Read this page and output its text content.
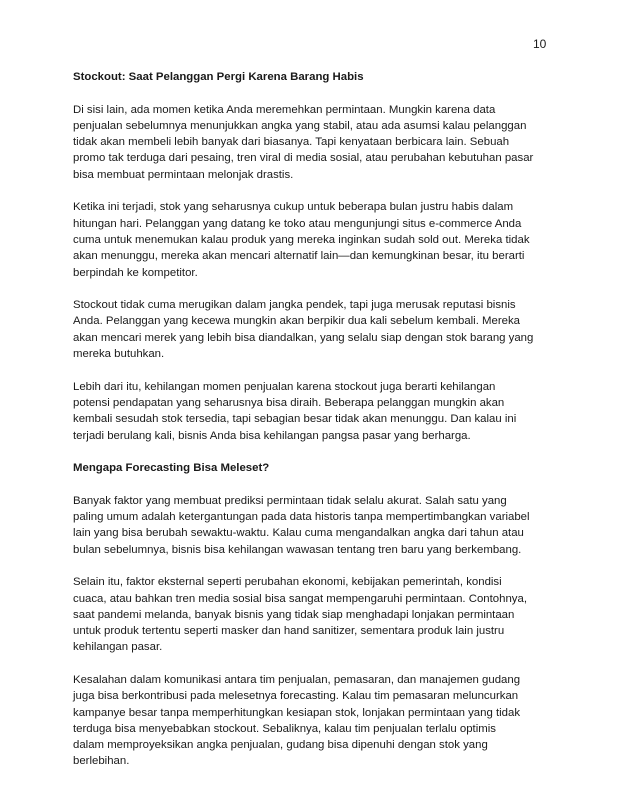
10

Stockout: Saat Pelanggan Pergi Karena Barang Habis

Di sisi lain, ada momen ketika Anda meremehkan permintaan. Mungkin karena data
penjualan sebelumnya menunjukkan angka yang stabil, atau ada asumsi kalau pelanggan
tidak akan membeli lebih banyak dari biasanya. Tapi kenyataan berbicara lain. Sebuah
promo tak terduga dari pesaing, tren viral di media sosial, atau perubahan kebutuhan pasar
bisa membuat permintaan melonjak drastis.

Ketika ini terjadi, stok yang seharusnya cukup untuk beberapa bulan justru habis dalam
hitungan hari. Pelanggan yang datang ke toko atau mengunjungi situs e-commerce Anda
cuma untuk menemukan kalau produk yang mereka inginkan sudah sold out. Mereka tidak
akan menunggu, mereka akan mencari alternatif lain—dan kemungkinan besar, itu berarti
berpindah ke kompetitor.

Stockout tidak cuma merugikan dalam jangka pendek, tapi juga merusak reputasi bisnis
Anda. Pelanggan yang kecewa mungkin akan berpikir dua kali sebelum kembali. Mereka
akan mencari merek yang lebih bisa diandalkan, yang selalu siap dengan stok barang yang
mereka butuhkan.

Lebih dari itu, kehilangan momen penjualan karena stockout juga berarti kehilangan
potensi pendapatan yang seharusnya bisa diraih. Beberapa pelanggan mungkin akan
kembali sesudah stok tersedia, tapi sebagian besar tidak akan menunggu. Dan kalau ini
terjadi berulang kali, bisnis Anda bisa kehilangan pangsa pasar yang berharga.

Mengapa Forecasting Bisa Meleset?

Banyak faktor yang membuat prediksi permintaan tidak selalu akurat. Salah satu yang
paling umum adalah ketergantungan pada data historis tanpa mempertimbangkan variabel
lain yang bisa berubah sewaktu-waktu. Kalau cuma mengandalkan angka dari tahun atau
bulan sebelumnya, bisnis bisa kehilangan wawasan tentang tren baru yang berkembang.

Selain itu, faktor eksternal seperti perubahan ekonomi, kebijakan pemerintah, kondisi
cuaca, atau bahkan tren media sosial bisa sangat mempengaruhi permintaan. Contohnya,
saat pandemi melanda, banyak bisnis yang tidak siap menghadapi lonjakan permintaan
untuk produk tertentu seperti masker dan hand sanitizer, sementara produk lain justru
kehilangan pasar.

Kesalahan dalam komunikasi antara tim penjualan, pemasaran, dan manajemen gudang
juga bisa berkontribusi pada melesetnya forecasting. Kalau tim pemasaran meluncurkan
kampanye besar tanpa memperhitungkan kesiapan stok, lonjakan permintaan yang tidak
terduga bisa menyebabkan stockout. Sebaliknya, kalau tim penjualan terlalu optimis
dalam memproyeksikan angka penjualan, gudang bisa dipenuhi dengan stok yang
berlebihan.
